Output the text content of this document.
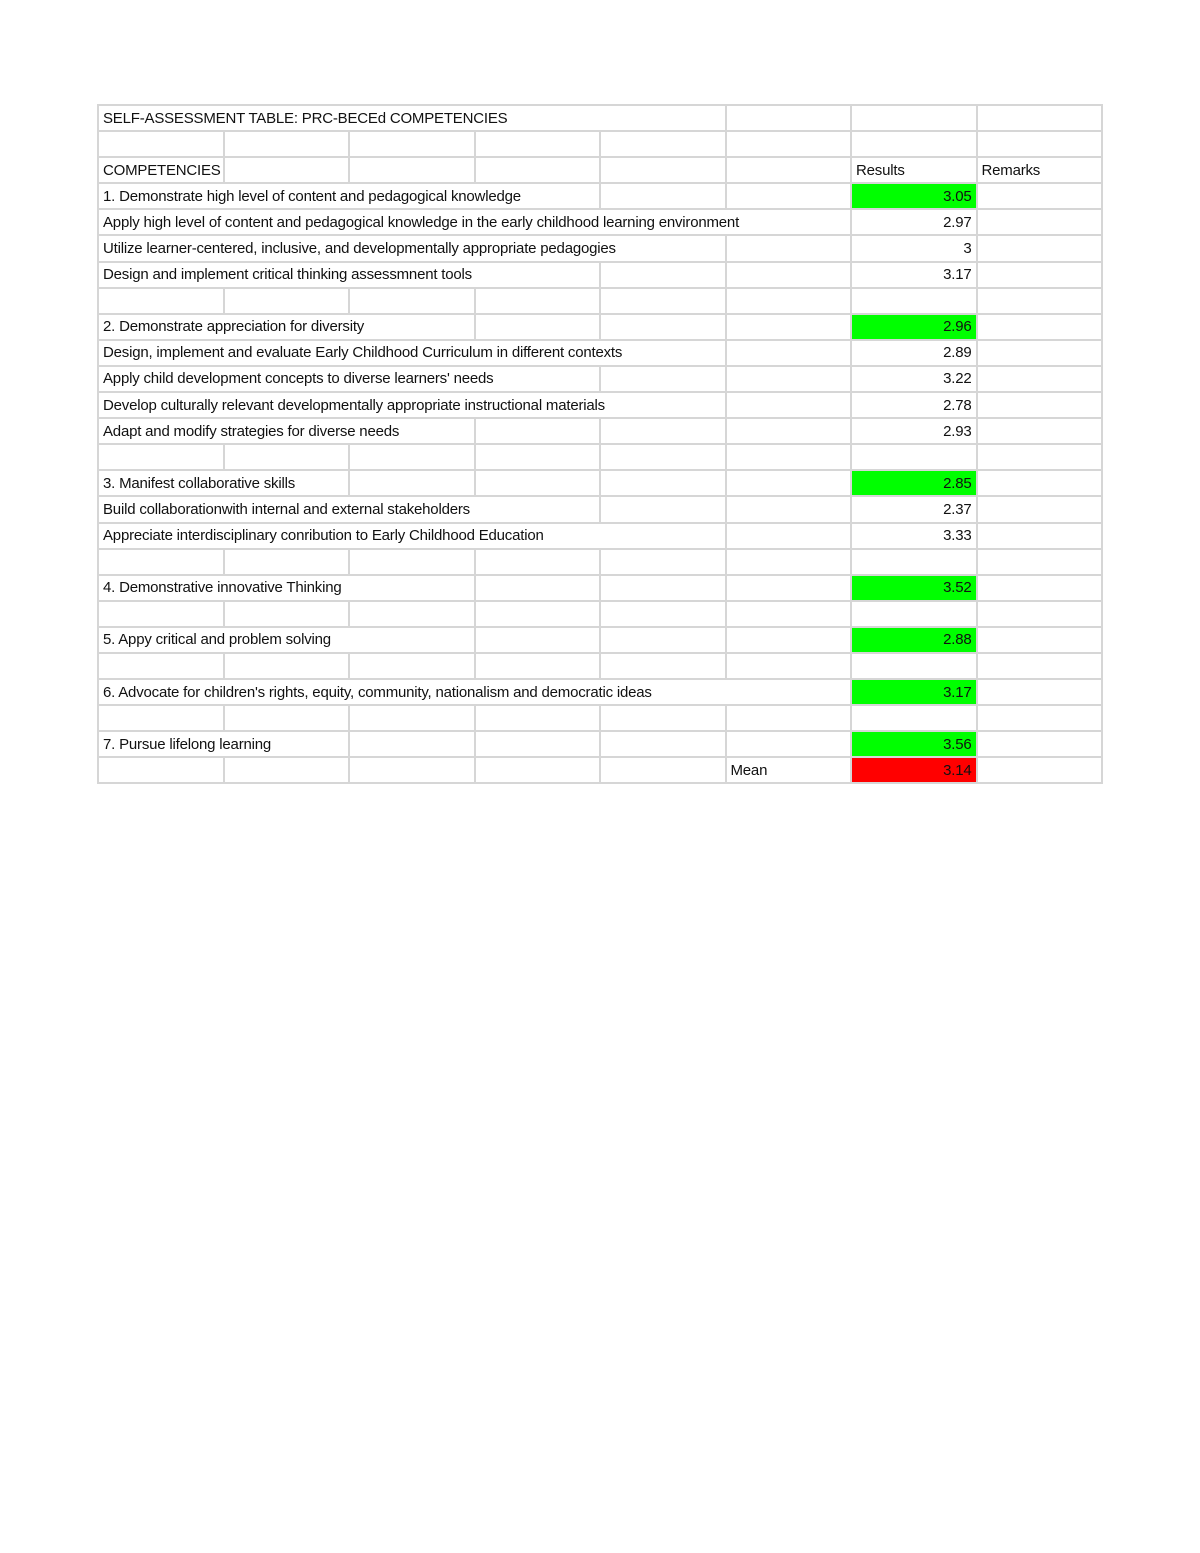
SELF-ASSESSMENT TABLE: PRC-BECEd COMPETENCIES
COMPETENCIES	Results	Remarks
1. Demonstrate high level of content and pedagogical knowledge	3.05
Apply high level of content and pedagogical knowledge in the early childhood learning environment	2.97
Utilize learner-centered, inclusive, and developmentally appropriate pedagogies	3
Design and implement critical thinking assessmnent tools	3.17
2. Demonstrate appreciation for diversity	2.96
Design, implement and evaluate Early Childhood Curriculum in different contexts	2.89
Apply child development concepts to diverse learners' needs	3.22
Develop culturally relevant developmentally appropriate instructional materials	2.78
Adapt and modify strategies for diverse needs	2.93
3. Manifest collaborative skills	2.85
Build collaborationwith internal and external stakeholders	2.37
Appreciate interdisciplinary conribution to Early Childhood Education	3.33
4. Demonstrative innovative Thinking	3.52
5. Appy critical and problem solving	2.88
6. Advocate for children's rights, equity, community, nationalism and democratic ideas	3.17
7. Pursue lifelong learning	3.56
Mean	3.14
